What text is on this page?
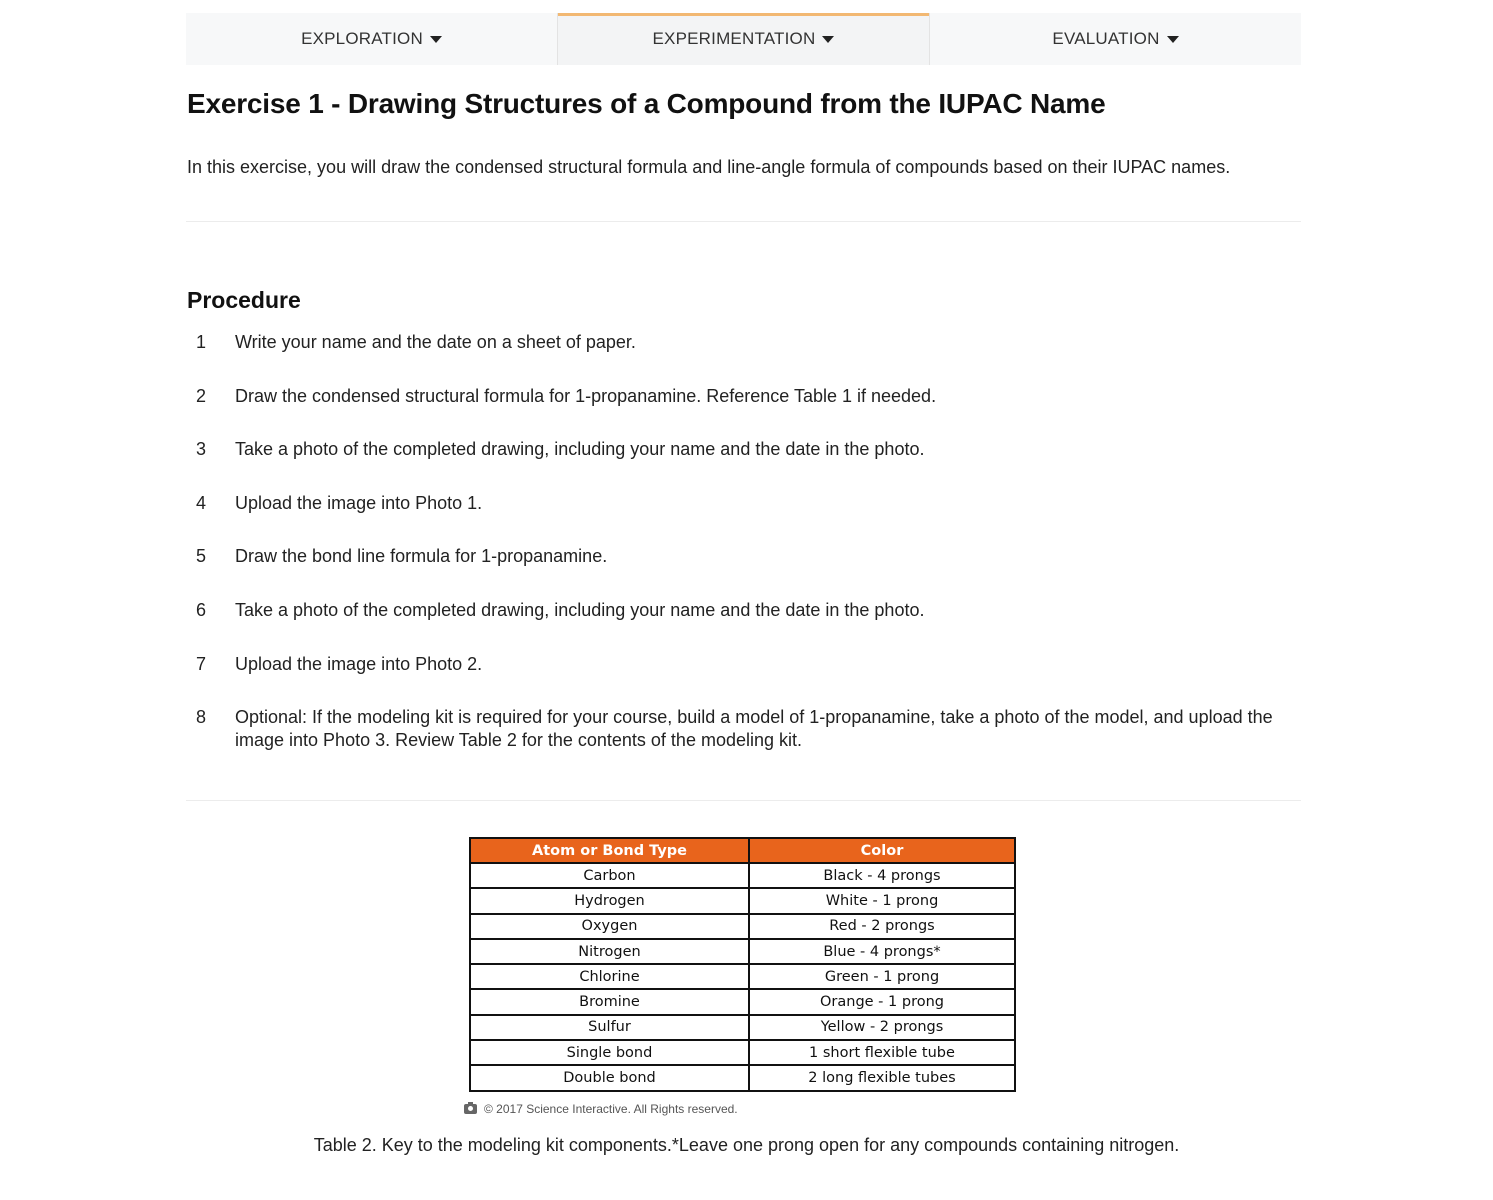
EXPLORATION	EXPERIMENTATION	EVALUATION
Exercise 1 - Drawing Structures of a Compound from the IUPAC Name

In this exercise, you will draw the condensed structural formula and line-angle formula of compounds based on their IUPAC names.

Procedure
1	Write your name and the date on a sheet of paper.
2	Draw the condensed structural formula for 1-propanamine. Reference Table 1 if needed.
3	Take a photo of the completed drawing, including your name and the date in the photo.
4	Upload the image into Photo 1.
5	Draw the bond line formula for 1-propanamine.
6	Take a photo of the completed drawing, including your name and the date in the photo.
7	Upload the image into Photo 2.
8	Optional: If the modeling kit is required for your course, build a model of 1-propanamine, take a photo of the model, and upload the image into Photo 3. Review Table 2 for the contents of the modeling kit.
Atom or Bond Type	Color
Carbon	Black - 4 prongs
Hydrogen	White - 1 prong
Oxygen	Red - 2 prongs
Nitrogen	Blue - 4 prongs*
Chlorine	Green - 1 prong
Bromine	Orange - 1 prong
Sulfur	Yellow - 2 prongs
Single bond	1 short flexible tube
Double bond	2 long flexible tubes
© 2017 Science Interactive. All Rights reserved.

Table 2. Key to the modeling kit components.*Leave one prong open for any compounds containing nitrogen.
